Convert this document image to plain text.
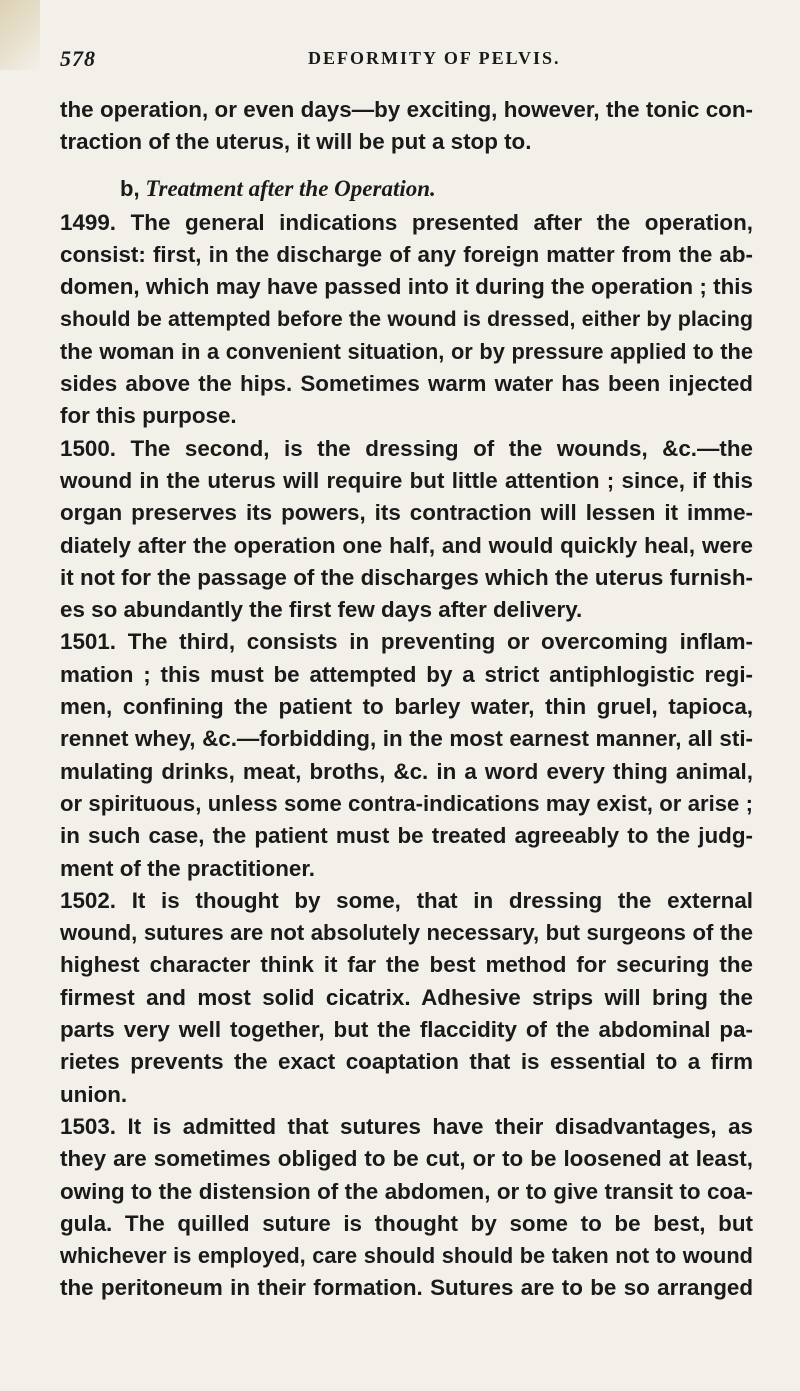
578	DEFORMITY OF PELVIS.
the operation, or even days—by exciting, however, the tonic con-
traction of the uterus, it will be put a stop to.
b, Treatment after the Operation.
1499. The general indications presented after the operation,
consist: first, in the discharge of any foreign matter from the ab-
domen, which may have passed into it during the operation ; this
should be attempted before the wound is dressed, either by placing
the woman in a convenient situation, or by pressure applied to the
sides above the hips. Sometimes warm water has been injected
for this purpose.
1500. The second, is the dressing of the wounds, &c.—the
wound in the uterus will require but little attention ; since, if this
organ preserves its powers, its contraction will lessen it imme-
diately after the operation one half, and would quickly heal, were
it not for the passage of the discharges which the uterus furnish-
es so abundantly the first few days after delivery.
1501. The third, consists in preventing or overcoming inflam-
mation ; this must be attempted by a strict antiphlogistic regi-
men, confining the patient to barley water, thin gruel, tapioca,
rennet whey, &c.—forbidding, in the most earnest manner, all sti-
mulating drinks, meat, broths, &c. in a word every thing animal,
or spirituous, unless some contra-indications may exist, or arise ;
in such case, the patient must be treated agreeably to the judg-
ment of the practitioner.
1502. It is thought by some, that in dressing the external
wound, sutures are not absolutely necessary, but surgeons of the
highest character think it far the best method for securing the
firmest and most solid cicatrix. Adhesive strips will bring the
parts very well together, but the flaccidity of the abdominal pa-
rietes prevents the exact coaptation that is essential to a firm
union.
1503. It is admitted that sutures have their disadvantages, as
they are sometimes obliged to be cut, or to be loosened at least,
owing to the distension of the abdomen, or to give transit to coa-
gula. The quilled suture is thought by some to be best, but
whichever is employed, care should should be taken not to wound
the peritoneum in their formation. Sutures are to be so arranged
